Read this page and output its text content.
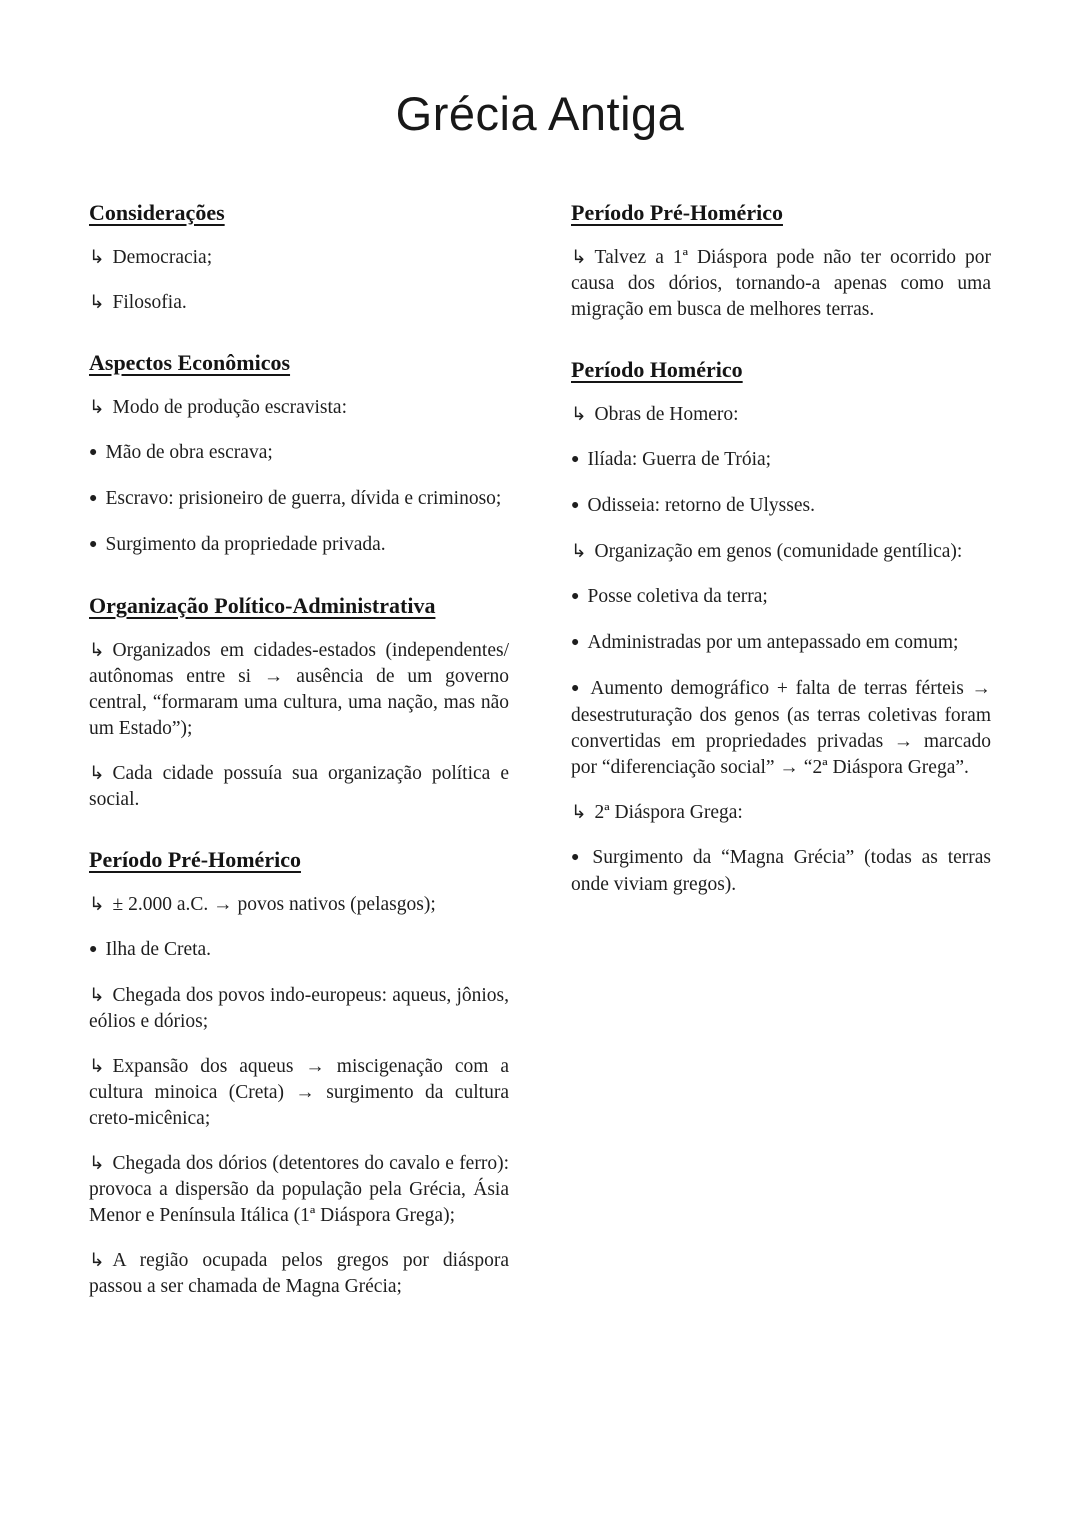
Grécia Antiga
Considerações

↳ Democracia;

↳ Filosofia.

Aspectos Econômicos

↳ Modo de produção escravista:

● Mão de obra escrava;

● Escravo: prisioneiro de guerra, dívida e criminoso;

● Surgimento da propriedade privada.

Organização Político-Administrativa

↳ Organizados em cidades-estados (independentes/ autônomas entre si → ausência de um governo central, “formaram uma cultura, uma nação, mas não um Estado”);

↳ Cada cidade possuía sua organização política e social.

Período Pré-Homérico

↳ ± 2.000 a.C. → povos nativos (pelasgos);

● Ilha de Creta.

↳ Chegada dos povos indo-europeus: aqueus, jônios, eólios e dórios;

↳ Expansão dos aqueus → miscigenação com a cultura minoica (Creta) → surgimento da cultura creto-micênica;

↳ Chegada dos dórios (detentores do cavalo e ferro): provoca a dispersão da população pela Grécia, Ásia Menor e Península Itálica (1ª Diáspora Grega);

↳ A região ocupada pelos gregos por diáspora passou a ser chamada de Magna Grécia;

Período Pré-Homérico

↳ Talvez a 1ª Diáspora pode não ter ocorrido por causa dos dórios, tornando-a apenas como uma migração em busca de melhores terras.

Período Homérico

↳ Obras de Homero:

● Ilíada: Guerra de Tróia;

● Odisseia: retorno de Ulysses.

↳ Organização em genos (comunidade gentílica):

● Posse coletiva da terra;

● Administradas por um antepassado em comum;

● Aumento demográfico + falta de terras férteis → desestruturação dos genos (as terras coletivas foram convertidas em propriedades privadas → marcado por “diferenciação social” → “2ª Diáspora Grega”.

↳ 2ª Diáspora Grega:

● Surgimento da “Magna Grécia” (todas as terras onde viviam gregos).
